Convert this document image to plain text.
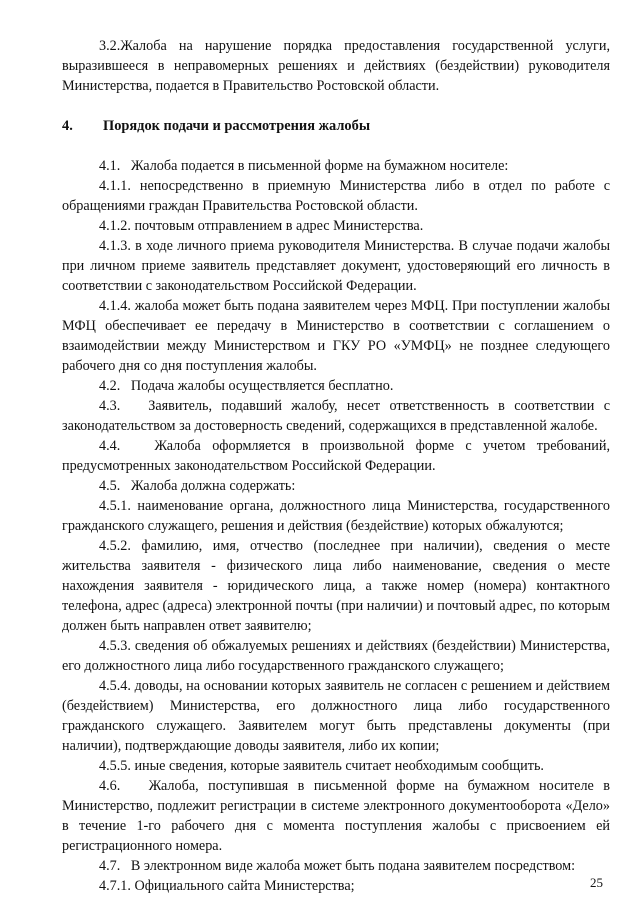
3.2.Жалоба на нарушение порядка предоставления государственной услуги, выразившееся в неправомерных решениях и действиях (бездействии) руководителя Министерства, подается в Правительство Ростовской области.

4.	Порядок подачи и рассмотрения жалобы

4.1.   Жалоба подается в письменной форме на бумажном носителе:

4.1.1. непосредственно в приемную Министерства либо в отдел по работе с обращениями граждан Правительства Ростовской области.

4.1.2. почтовым отправлением в адрес Министерства.

4.1.3. в ходе личного приема руководителя Министерства. В случае подачи жалобы при личном приеме заявитель представляет документ, удостоверяющий его личность в соответствии с законодательством Российской Федерации.

4.1.4. жалоба может быть подана заявителем через МФЦ. При поступлении жалобы МФЦ обеспечивает ее передачу в Министерство в соответствии с соглашением о взаимодействии между Министерством и ГКУ РО «УМФЦ» не позднее следующего рабочего дня со дня поступления жалобы.

4.2.   Подача жалобы осуществляется бесплатно.

4.3.   Заявитель, подавший жалобу, несет ответственность в соответствии с законодательством за достоверность сведений, содержащихся в представленной жалобе.

4.4.   Жалоба оформляется в произвольной форме с учетом требований, предусмотренных законодательством Российской Федерации.

4.5.   Жалоба должна содержать:

4.5.1. наименование органа, должностного лица Министерства, государственного гражданского служащего, решения и действия (бездействие) которых обжалуются;

4.5.2. фамилию, имя, отчество (последнее при наличии), сведения о месте жительства заявителя - физического лица либо наименование, сведения о месте нахождения заявителя - юридического лица, а также номер (номера) контактного телефона, адрес (адреса) электронной почты (при наличии) и почтовый адрес, по которым должен быть направлен ответ заявителю;

4.5.3. сведения об обжалуемых решениях и действиях (бездействии) Министерства, его должностного лица либо государственного гражданского служащего;

4.5.4. доводы, на основании которых заявитель не согласен с решением и действием (бездействием) Министерства, его должностного лица либо государственного гражданского служащего. Заявителем могут быть представлены документы (при наличии), подтверждающие доводы заявителя, либо их копии;

4.5.5. иные сведения, которые заявитель считает необходимым сообщить.

4.6.   Жалоба, поступившая в письменной форме на бумажном носителе в Министерство, подлежит регистрации в системе электронного документооборота «Дело» в течение 1-го рабочего дня с момента поступления жалобы с присвоением ей регистрационного номера.

4.7.   В электронном виде жалоба может быть подана заявителем посредством:

4.7.1. Официального сайта Министерства;	25
